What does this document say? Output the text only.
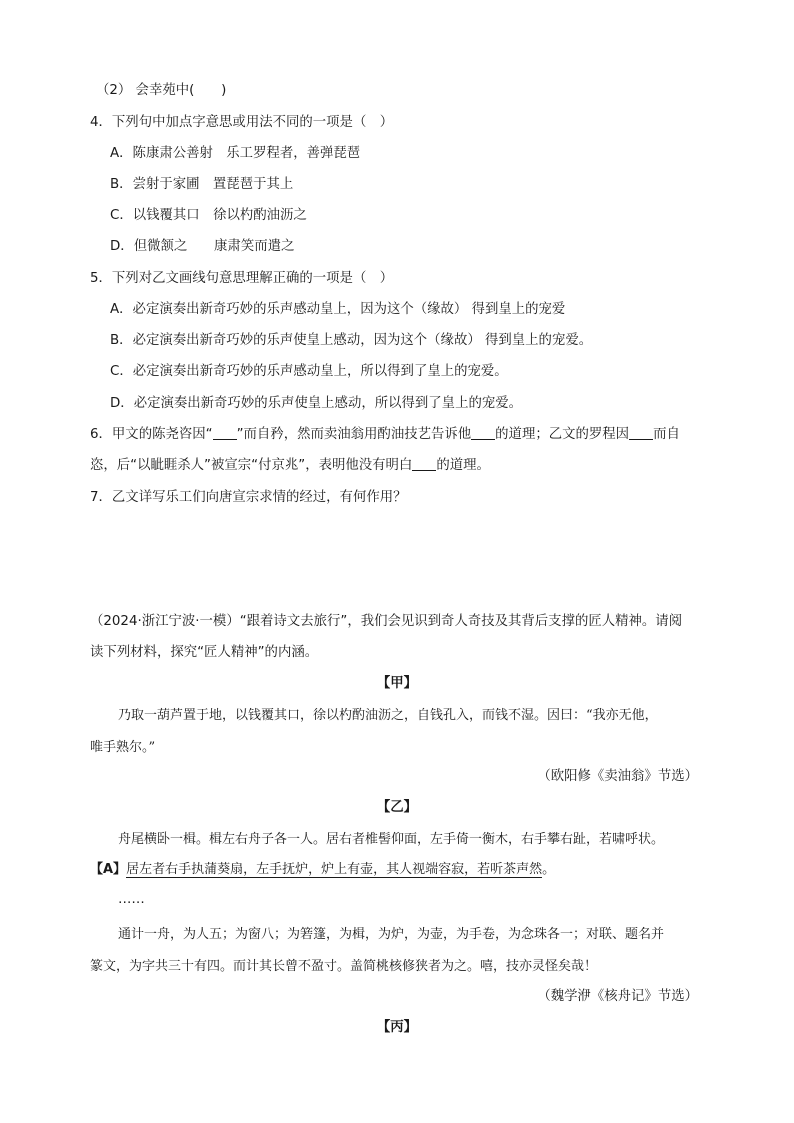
（2） 会幸苑中(　　)
4．下列句中加点字意思或用法不同的一项是（　）
A．陈康肃公善射　乐工罗程者，善弹琵琶
B．尝射于家圃　置琵琶于其上
C．以钱覆其口　徐以杓酌油沥之
D．但微颔之　　康肃笑而遣之
5．下列对乙文画线句意思理解正确的一项是（　）
A．必定演奏出新奇巧妙的乐声感动皇上，因为这个（缘故） 得到皇上的宠爱
B．必定演奏出新奇巧妙的乐声使皇上感动，因为这个（缘故） 得到皇上的宠爱。
C．必定演奏出新奇巧妙的乐声感动皇上，所以得到了皇上的宠爱。
D．必定演奏出新奇巧妙的乐声使皇上感动，所以得到了皇上的宠爱。
6．甲文的陈尧咨因“ ”而自矜，然而卖油翁用酌油技艺告诉他 的道理；乙文的罗程因 而自
恣，后“以眦睚杀人”被宣宗“付京兆”，表明他没有明白 的道理。
7．乙文详写乐工们向唐宣宗求情的经过，有何作用？
（2024·浙江宁波·一模）“跟着诗文去旅行”，我们会见识到奇人奇技及其背后支撑的匠人精神。请阅
读下列材料，探究“匠人精神”的内涵。
【甲】
乃取一葫芦置于地，以钱覆其口，徐以杓酌油沥之，自钱孔入，而钱不湿。因曰：“我亦无他，
唯手熟尔。”
（欧阳修《卖油翁》节选）
【乙】
舟尾横卧一楫。楫左右舟子各一人。居右者椎髻仰面，左手倚一衡木，右手攀右趾，若啸呼状。
【A】居左者右手执蒲葵扇，左手抚炉，炉上有壶，其人视端容寂，若听茶声然。
……
通计一舟，为人五；为窗八；为箬篷，为楫，为炉，为壶，为手卷，为念珠各一；对联、题名并
篆文，为字共三十有四。而计其长曾不盈寸。盖简桃核修狭者为之。嘻，技亦灵怪矣哉！
（魏学洢《核舟记》节选）
【丙】
